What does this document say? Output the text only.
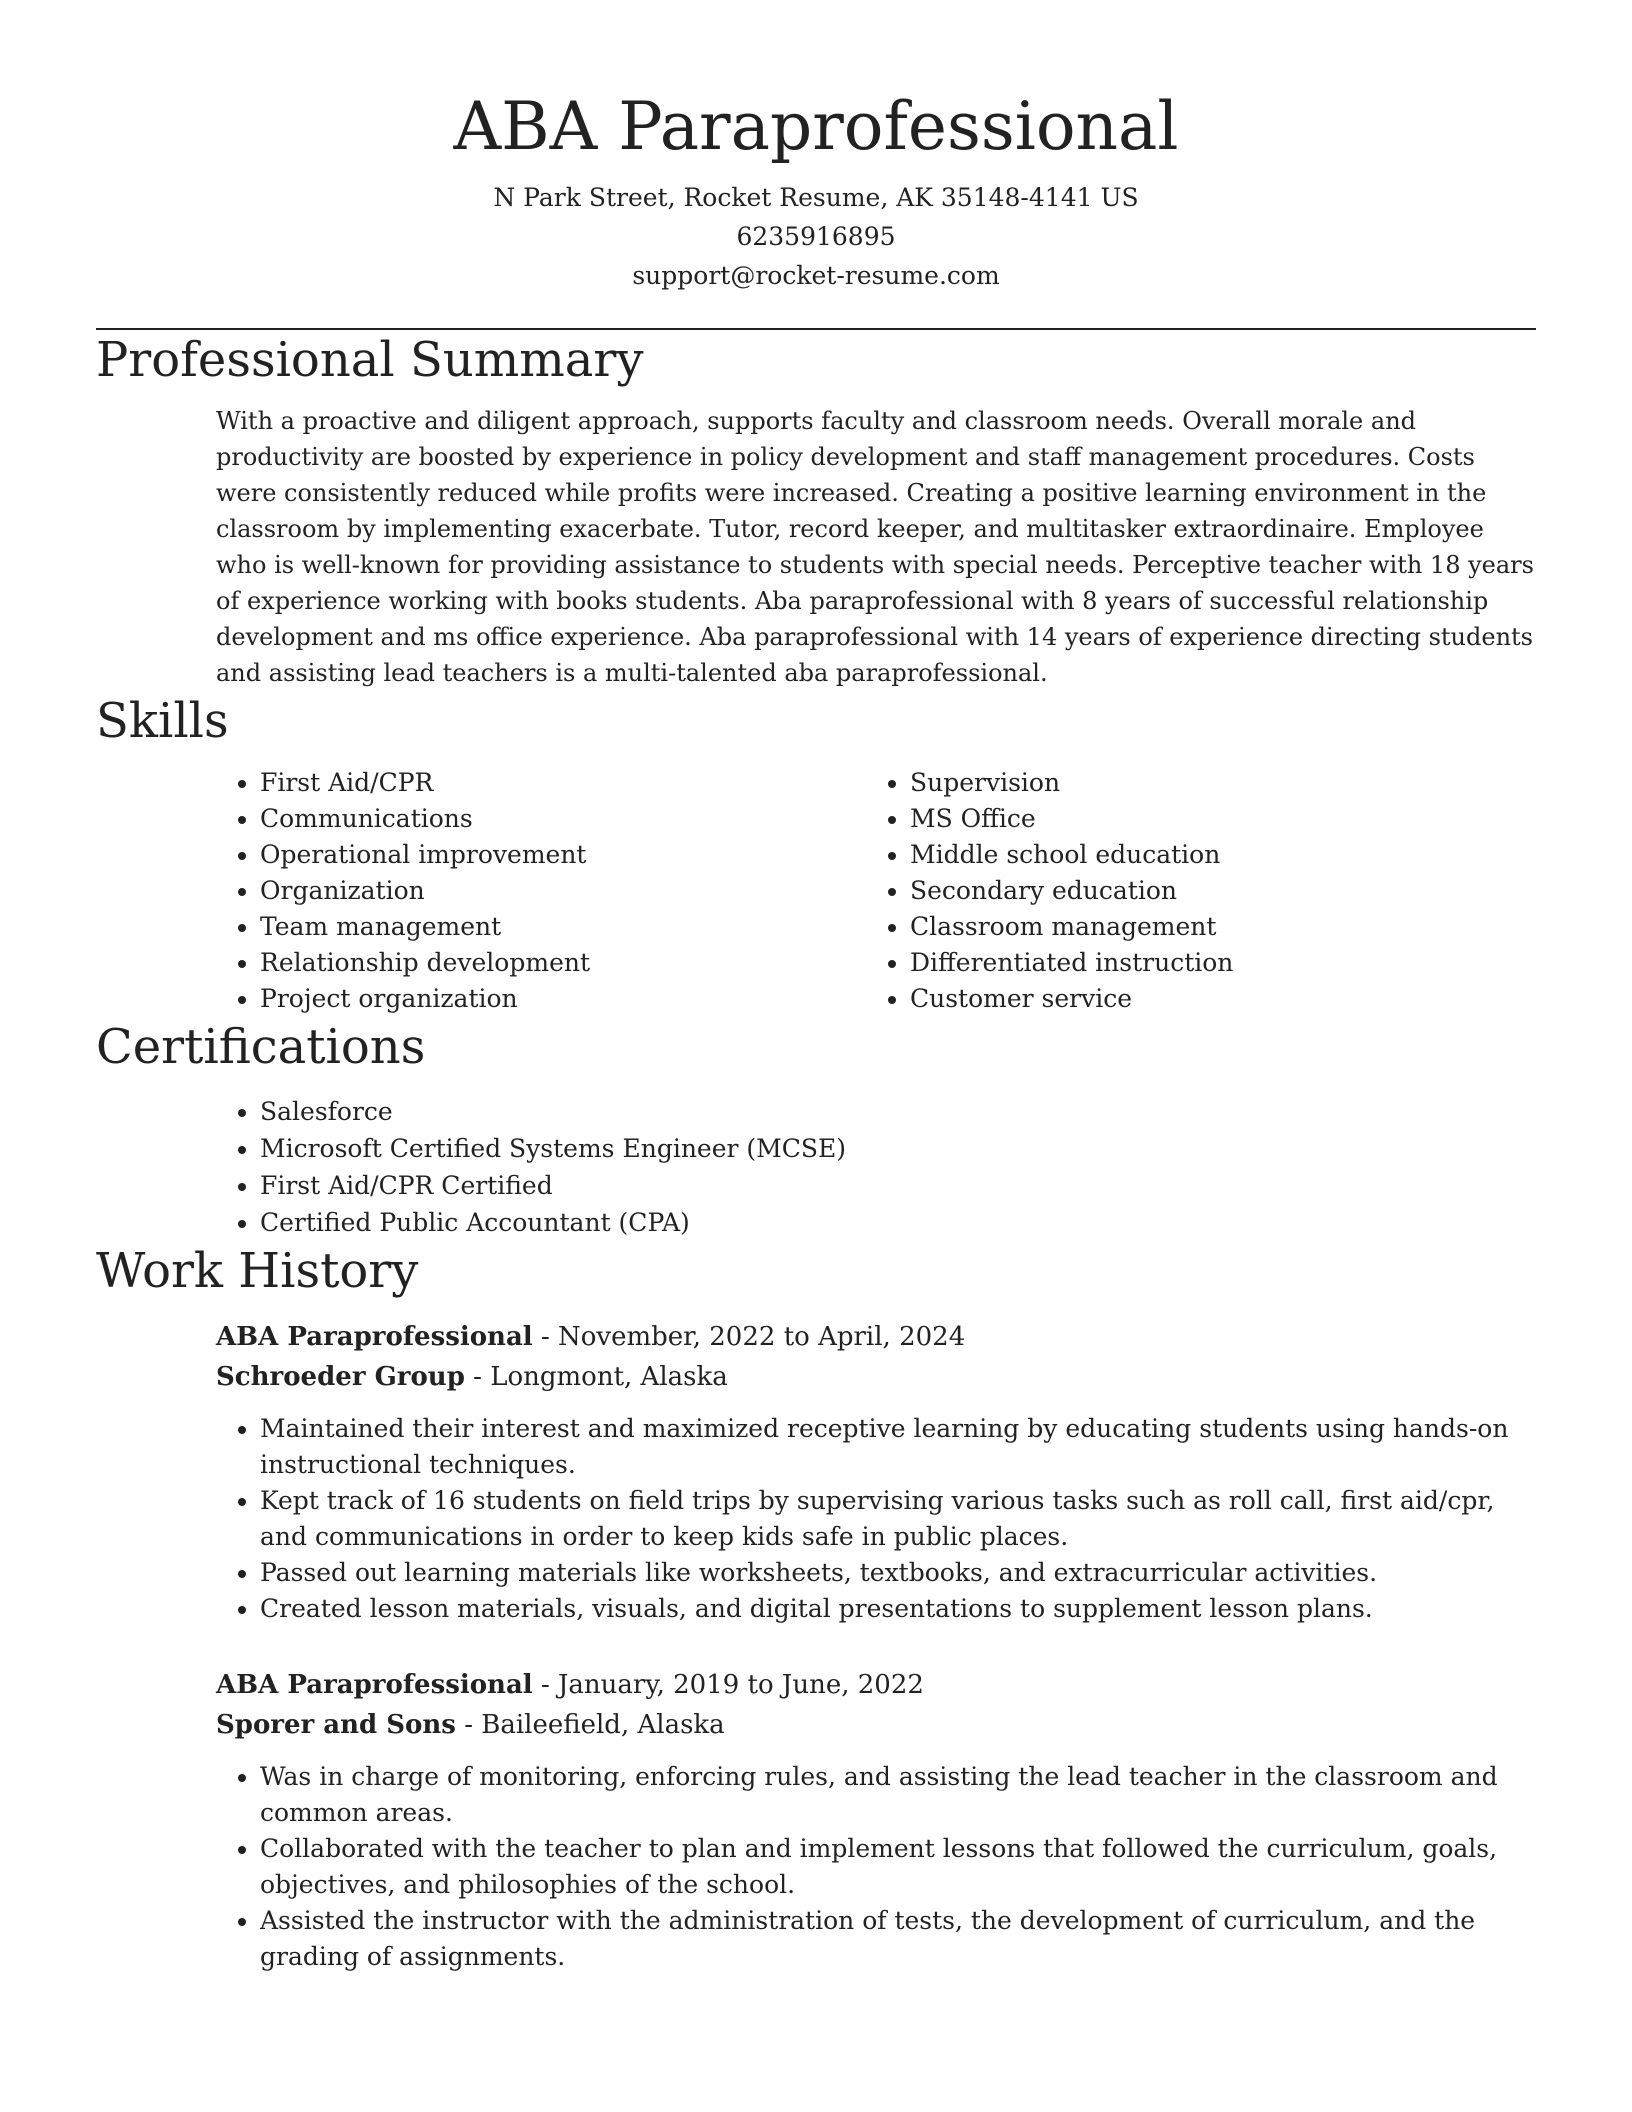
ABA Paraprofessional
N Park Street, Rocket Resume, AK 35148-4141 US
6235916895
support@rocket-resume.com
Professional Summary

With a proactive and diligent approach, supports faculty and classroom needs. Overall morale and productivity are boosted by experience in policy development and staff management procedures. Costs were consistently reduced while profits were increased. Creating a positive learning environment in the classroom by implementing exacerbate. Tutor, record keeper, and multitasker extraordinaire. Employee who is well-known for providing assistance to students with special needs. Perceptive teacher with 18 years of experience working with books students. Aba paraprofessional with 8 years of successful relationship development and ms office experience. Aba paraprofessional with 14 years of experience directing students and assisting lead teachers is a multi-talented aba paraprofessional.

Skills
• First Aid/CPR
• Communications
• Operational improvement
• Organization
• Team management
• Relationship development
• Project organization
• Supervision
• MS Office
• Middle school education
• Secondary education
• Classroom management
• Differentiated instruction
• Customer service
Certifications
• Salesforce
• Microsoft Certified Systems Engineer (MCSE)
• First Aid/CPR Certified
• Certified Public Accountant (CPA)
Work History
ABA Paraprofessional - November, 2022 to April, 2024
Schroeder Group - Longmont, Alaska
• Maintained their interest and maximized receptive learning by educating students using hands-on instructional techniques.
• Kept track of 16 students on field trips by supervising various tasks such as roll call, first aid/cpr, and communications in order to keep kids safe in public places.
• Passed out learning materials like worksheets, textbooks, and extracurricular activities.
• Created lesson materials, visuals, and digital presentations to supplement lesson plans.
ABA Paraprofessional - January, 2019 to June, 2022
Sporer and Sons - Baileefield, Alaska
• Was in charge of monitoring, enforcing rules, and assisting the lead teacher in the classroom and common areas.
• Collaborated with the teacher to plan and implement lessons that followed the curriculum, goals, objectives, and philosophies of the school.
• Assisted the instructor with the administration of tests, the development of curriculum, and the grading of assignments.
